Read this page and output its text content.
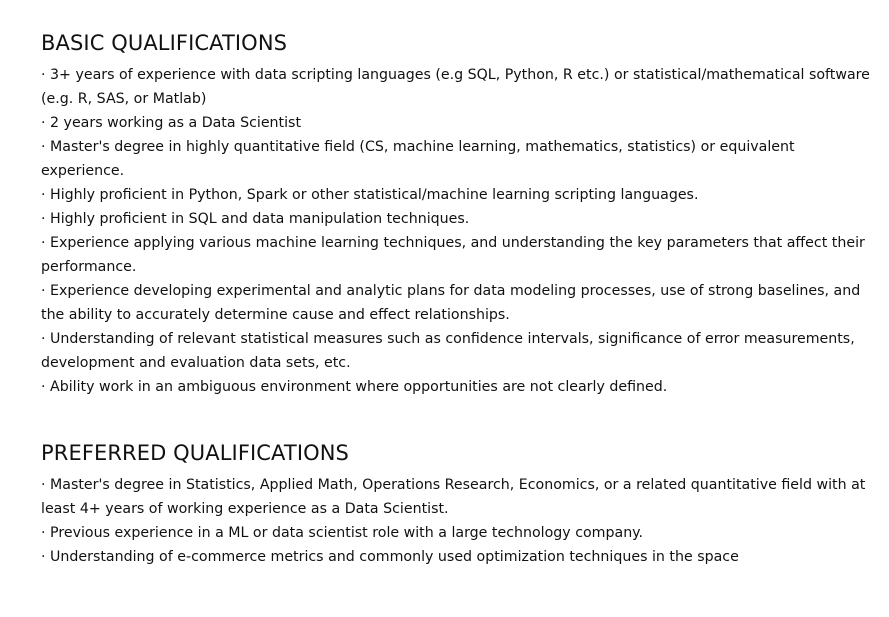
BASIC QUALIFICATIONS
· 3+ years of experience with data scripting languages (e.g SQL, Python, R etc.) or statistical/mathematical software (e.g. R, SAS, or Matlab)
· 2 years working as a Data Scientist
· Master's degree in highly quantitative field (CS, machine learning, mathematics, statistics) or equivalent experience.
· Highly proficient in Python, Spark or other statistical/machine learning scripting languages.
· Highly proficient in SQL and data manipulation techniques.
· Experience applying various machine learning techniques, and understanding the key parameters that affect their performance.
· Experience developing experimental and analytic plans for data modeling processes, use of strong baselines, and the ability to accurately determine cause and effect relationships.
· Understanding of relevant statistical measures such as confidence intervals, significance of error measurements, development and evaluation data sets, etc.
· Ability work in an ambiguous environment where opportunities are not clearly defined.
PREFERRED QUALIFICATIONS
· Master's degree in Statistics, Applied Math, Operations Research, Economics, or a related quantitative field with at least 4+ years of working experience as a Data Scientist.
· Previous experience in a ML or data scientist role with a large technology company.
· Understanding of e-commerce metrics and commonly used optimization techniques in the space
